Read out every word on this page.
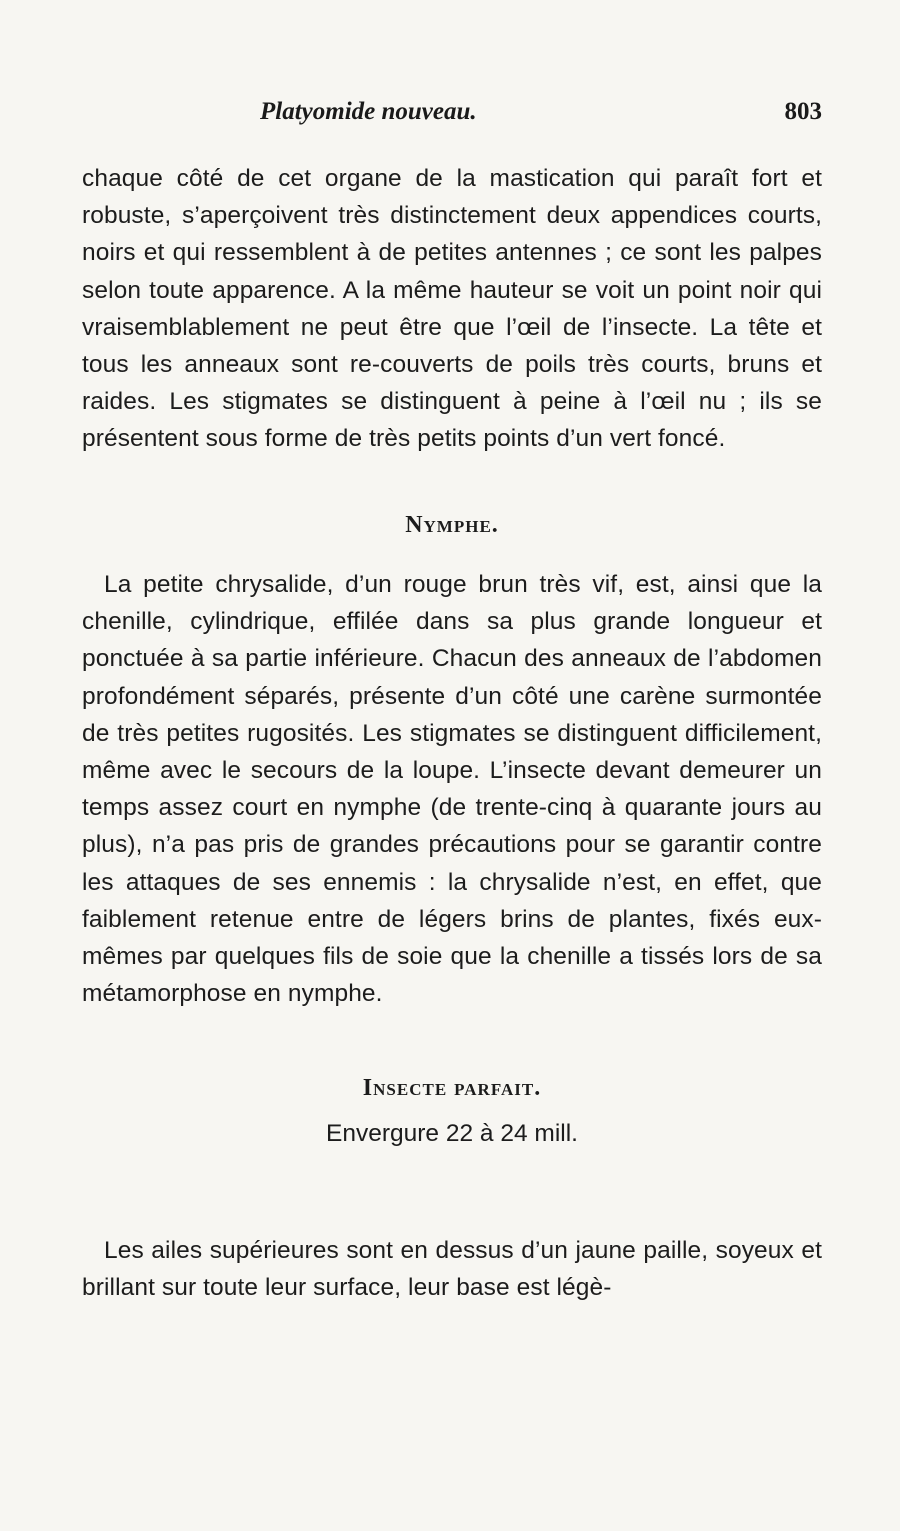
Platyomide nouveau.	803
chaque côté de cet organe de la mastication qui paraît fort et robuste, s’aperçoivent très distinctement deux appendices courts, noirs et qui ressemblent à de petites antennes ; ce sont les palpes selon toute apparence. A la même hauteur se voit un point noir qui vraisemblablement ne peut être que l’œil de l’insecte. La tête et tous les anneaux sont re-couverts de poils très courts, bruns et raides. Les stigmates se distinguent à peine à l’œil nu ; ils se présentent sous forme de très petits points d’un vert foncé.
Nymphe.
La petite chrysalide, d’un rouge brun très vif, est, ainsi que la chenille, cylindrique, effilée dans sa plus grande longueur et ponctuée à sa partie inférieure. Chacun des anneaux de l’abdomen profondément séparés, présente d’un côté une carène surmontée de très petites rugosités. Les stigmates se distinguent difficilement, même avec le secours de la loupe. L’insecte devant demeurer un temps assez court en nymphe (de trente-cinq à quarante jours au plus), n’a pas pris de grandes précautions pour se garantir contre les attaques de ses ennemis : la chrysalide n’est, en effet, que faiblement retenue entre de légers brins de plantes, fixés eux-mêmes par quelques fils de soie que la chenille a tissés lors de sa métamorphose en nymphe.
Insecte parfait.
Envergure 22 à 24 mill.
Les ailes supérieures sont en dessus d’un jaune paille, soyeux et brillant sur toute leur surface, leur base est légè-
